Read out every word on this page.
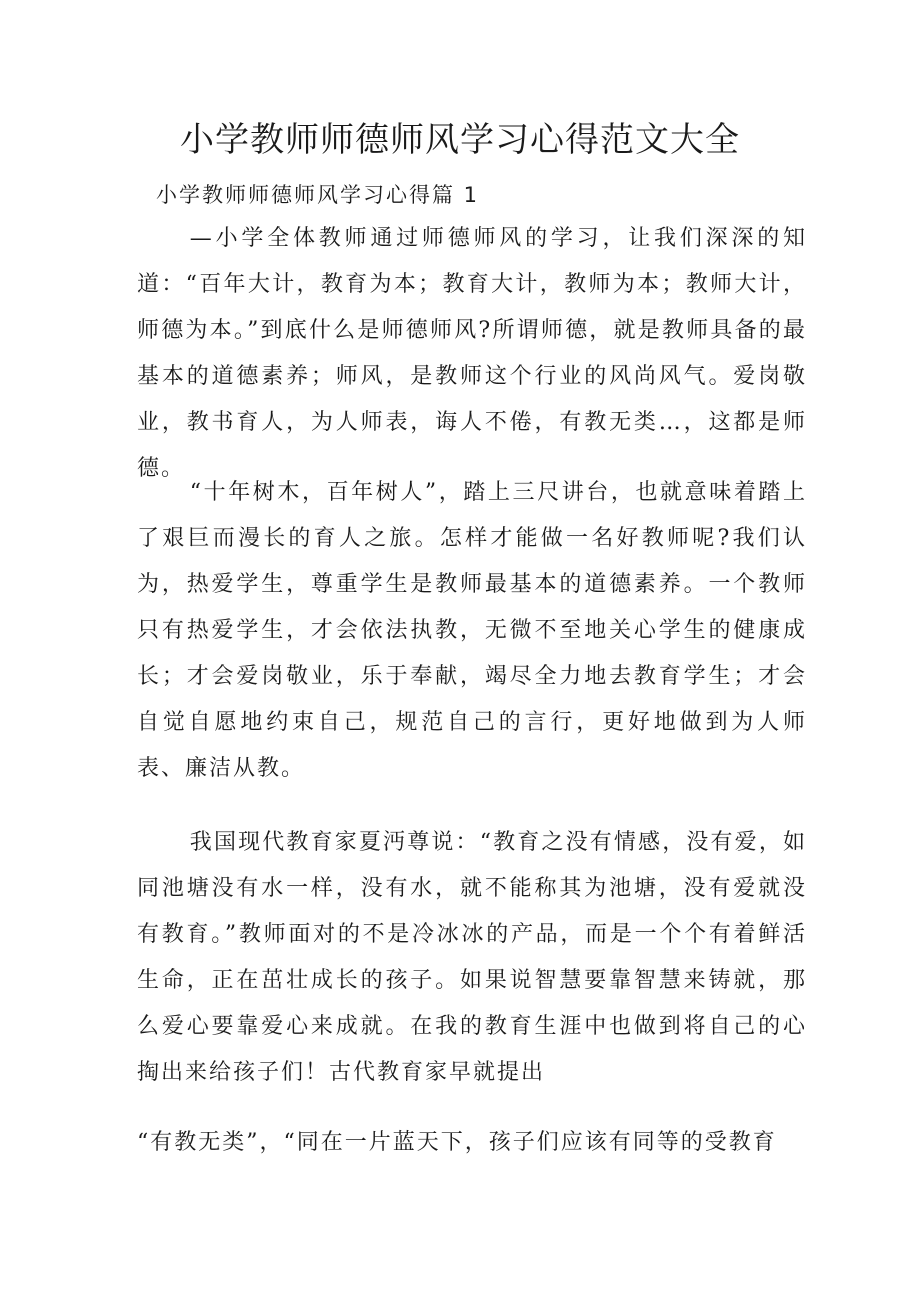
小学教师师德师风学习心得范文大全
小学教师师德师风学习心得篇 1

—小学全体教师通过师德师风的学习，让我们深深的知道：“百年大计，教育为本；教育大计，教师为本；教师大计，师德为本。”到底什么是师德师风?所谓师德，就是教师具备的最基本的道德素养；师风，是教师这个行业的风尚风气。爱岗敬业，教书育人，为人师表，诲人不倦，有教无类…，这都是师德。

“十年树木，百年树人”，踏上三尺讲台，也就意味着踏上了艰巨而漫长的育人之旅。怎样才能做一名好教师呢?我们认为，热爱学生，尊重学生是教师最基本的道德素养。一个教师只有热爱学生，才会依法执教，无微不至地关心学生的健康成长；才会爱岗敬业，乐于奉献，竭尽全力地去教育学生；才会自觉自愿地约束自己，规范自己的言行，更好地做到为人师表、廉洁从教。

我国现代教育家夏沔尊说：“教育之没有情感，没有爱，如同池塘没有水一样，没有水，就不能称其为池塘，没有爱就没有教育。”教师面对的不是冷冰冰的产品，而是一个个有着鲜活生命，正在茁壮成长的孩子。如果说智慧要靠智慧来铸就，那么爱心要靠爱心来成就。在我的教育生涯中也做到将自己的心掏出来给孩子们！古代教育家早就提出

“有教无类”，“同在一片蓝天下，孩子们应该有同等的受教育
